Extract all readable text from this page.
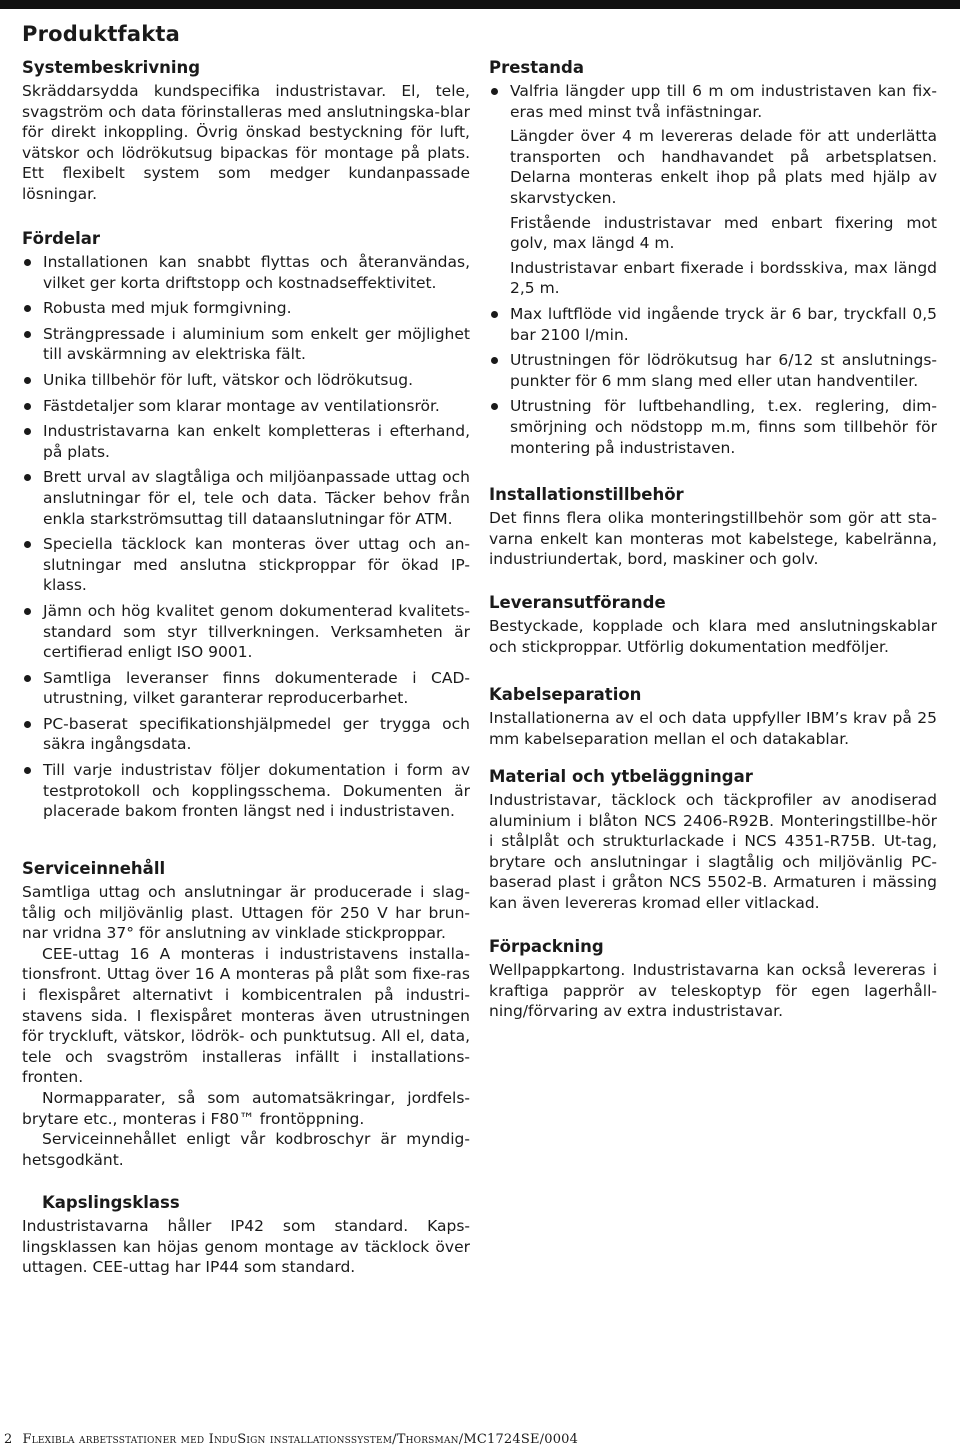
Produktfakta
Systembeskrivning

Skräddarsydda kundspecifika industristavar. El, tele, svagström och data förinstalleras med anslutningska-blar för direkt inkoppling. Övrig önskad bestyckning för luft, vätskor och lödrökutsug bipackas för montage på plats. Ett flexibelt system som medger kundanpassade lösningar.

Fördelar
Installationen kan snabbt flyttas och återanvändas, vilket ger korta driftstopp och kostnadseffektivitet.
Robusta med mjuk formgivning.
Strängpressade i aluminium som enkelt ger möjlighet till avskärmning av elektriska fält.
Unika tillbehör för luft, vätskor och lödrökutsug.
Fästdetaljer som klarar montage av ventilationsrör.
Industristavarna kan enkelt kompletteras i efterhand, på plats.
Brett urval av slagtåliga och miljöanpassade uttag och anslutningar för el, tele och data. Täcker behov från enkla starkströmsuttag till dataanslutningar för ATM.
Speciella täcklock kan monteras över uttag och an-slutningar med anslutna stickproppar för ökad IP-klass.
Jämn och hög kvalitet genom dokumenterad kvalitets-standard som styr tillverkningen. Verksamheten är certifierad enligt ISO 9001.
Samtliga leveranser finns dokumenterade i CAD-utrustning, vilket garanterar reproducerbarhet.
PC-baserat specifikationshjälpmedel ger trygga och säkra ingångsdata.
Till varje industristav följer dokumentation i form av testprotokoll och kopplingsschema. Dokumenten är placerade bakom fronten längst ned i industristaven.
Serviceinnehåll

Samtliga uttag och anslutningar är producerade i slag-tålig och miljövänlig plast. Uttagen för 250 V har brun-nar vridna 37° för anslutning av vinklade stickproppar.

CEE-uttag 16 A monteras i industristavens installa-tionsfront. Uttag över 16 A monteras på plåt som fixe-ras i flexispåret alternativt i kombicentralen på industri-stavens sida. I flexispåret monteras även utrustningen för tryckluft, vätskor, lödrök- och punktutsug. All el, data, tele och svagström installeras infällt i installations-fronten.

Normapparater, så som automatsäkringar, jordfels-brytare etc., monteras i F80™ frontöppning.

Serviceinnehållet enligt vår kodbroschyr är myndig-hetsgodkänt.

Kapslingsklass

Industristavarna håller IP42 som standard. Kaps-lingsklassen kan höjas genom montage av täcklock över uttagen. CEE-uttag har IP44 som standard.

Prestanda

Valfria längder upp till 6 m om industristaven kan fix-eras med minst två infästningar.

Längder över 4 m levereras delade för att underlätta transporten och handhavandet på arbetsplatsen. Delarna monteras enkelt ihop på plats med hjälp av skarvstycken.

Fristående industristavar med enbart fixering mot golv, max längd 4 m.

Industristavar enbart fixerade i bordsskiva, max längd 2,5 m.

Max luftflöde vid ingående tryck är 6 bar, tryckfall 0,5 bar 2100 l/min.

Utrustningen för lödrökutsug har 6/12 st anslutnings-punkter för 6 mm slang med eller utan handventiler.

Utrustning för luftbehandling, t.ex. reglering, dim-smörjning och nödstopp m.m, finns som tillbehör för montering på industristaven.

Installationstillbehör

Det finns flera olika monteringstillbehör som gör att sta-varna enkelt kan monteras mot kabelstege, kabelränna, industriundertak, bord, maskiner och golv.

Leveransutförande

Bestyckade, kopplade och klara med anslutningskablar och stickproppar. Utförlig dokumentation medföljer.

Kabelseparation

Installationerna av el och data uppfyller IBM’s krav på 25 mm kabelseparation mellan el och datakablar.

Material och ytbeläggningar

Industristavar, täcklock och täckprofiler av anodiserad aluminium i blåton NCS 2406-R92B. Monteringstillbe-hör i stålplåt och strukturlackade i NCS 4351-R75B. Ut-tag, brytare och anslutningar i slagtålig och miljövänlig PC-baserad plast i gråton NCS 5502-B. Armaturen i mässing kan även levereras kromad eller vitlackad.

Förpackning

Wellpappkartong. Industristavarna kan också levereras i kraftiga papprör av teleskoptyp för egen lagerhåll-ning/förvaring av extra industristavar.

2 Flexibla arbetsstationer med InduSign installationssystem/Thorsman/MC1724SE/0004
